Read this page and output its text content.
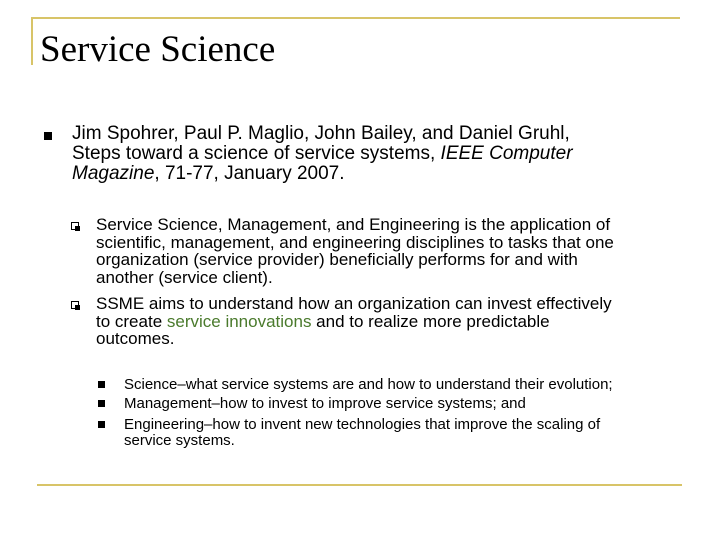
Service Science
Jim Spohrer, Paul P. Maglio, John Bailey, and Daniel Gruhl,
Steps toward a science of service systems, IEEE Computer
Magazine, 71-77, January 2007.
Service Science, Management, and Engineering is the application of
scientific, management, and engineering disciplines to tasks that one
organization (service provider) beneficially performs for and with
another (service client).
SSME aims to understand how an organization can invest effectively
to create service innovations and to realize more predictable
outcomes.
Science–what service systems are and how to understand their evolution;
Management–how to invest to improve service systems; and
Engineering–how to invent new technologies that improve the scaling of
service systems.
